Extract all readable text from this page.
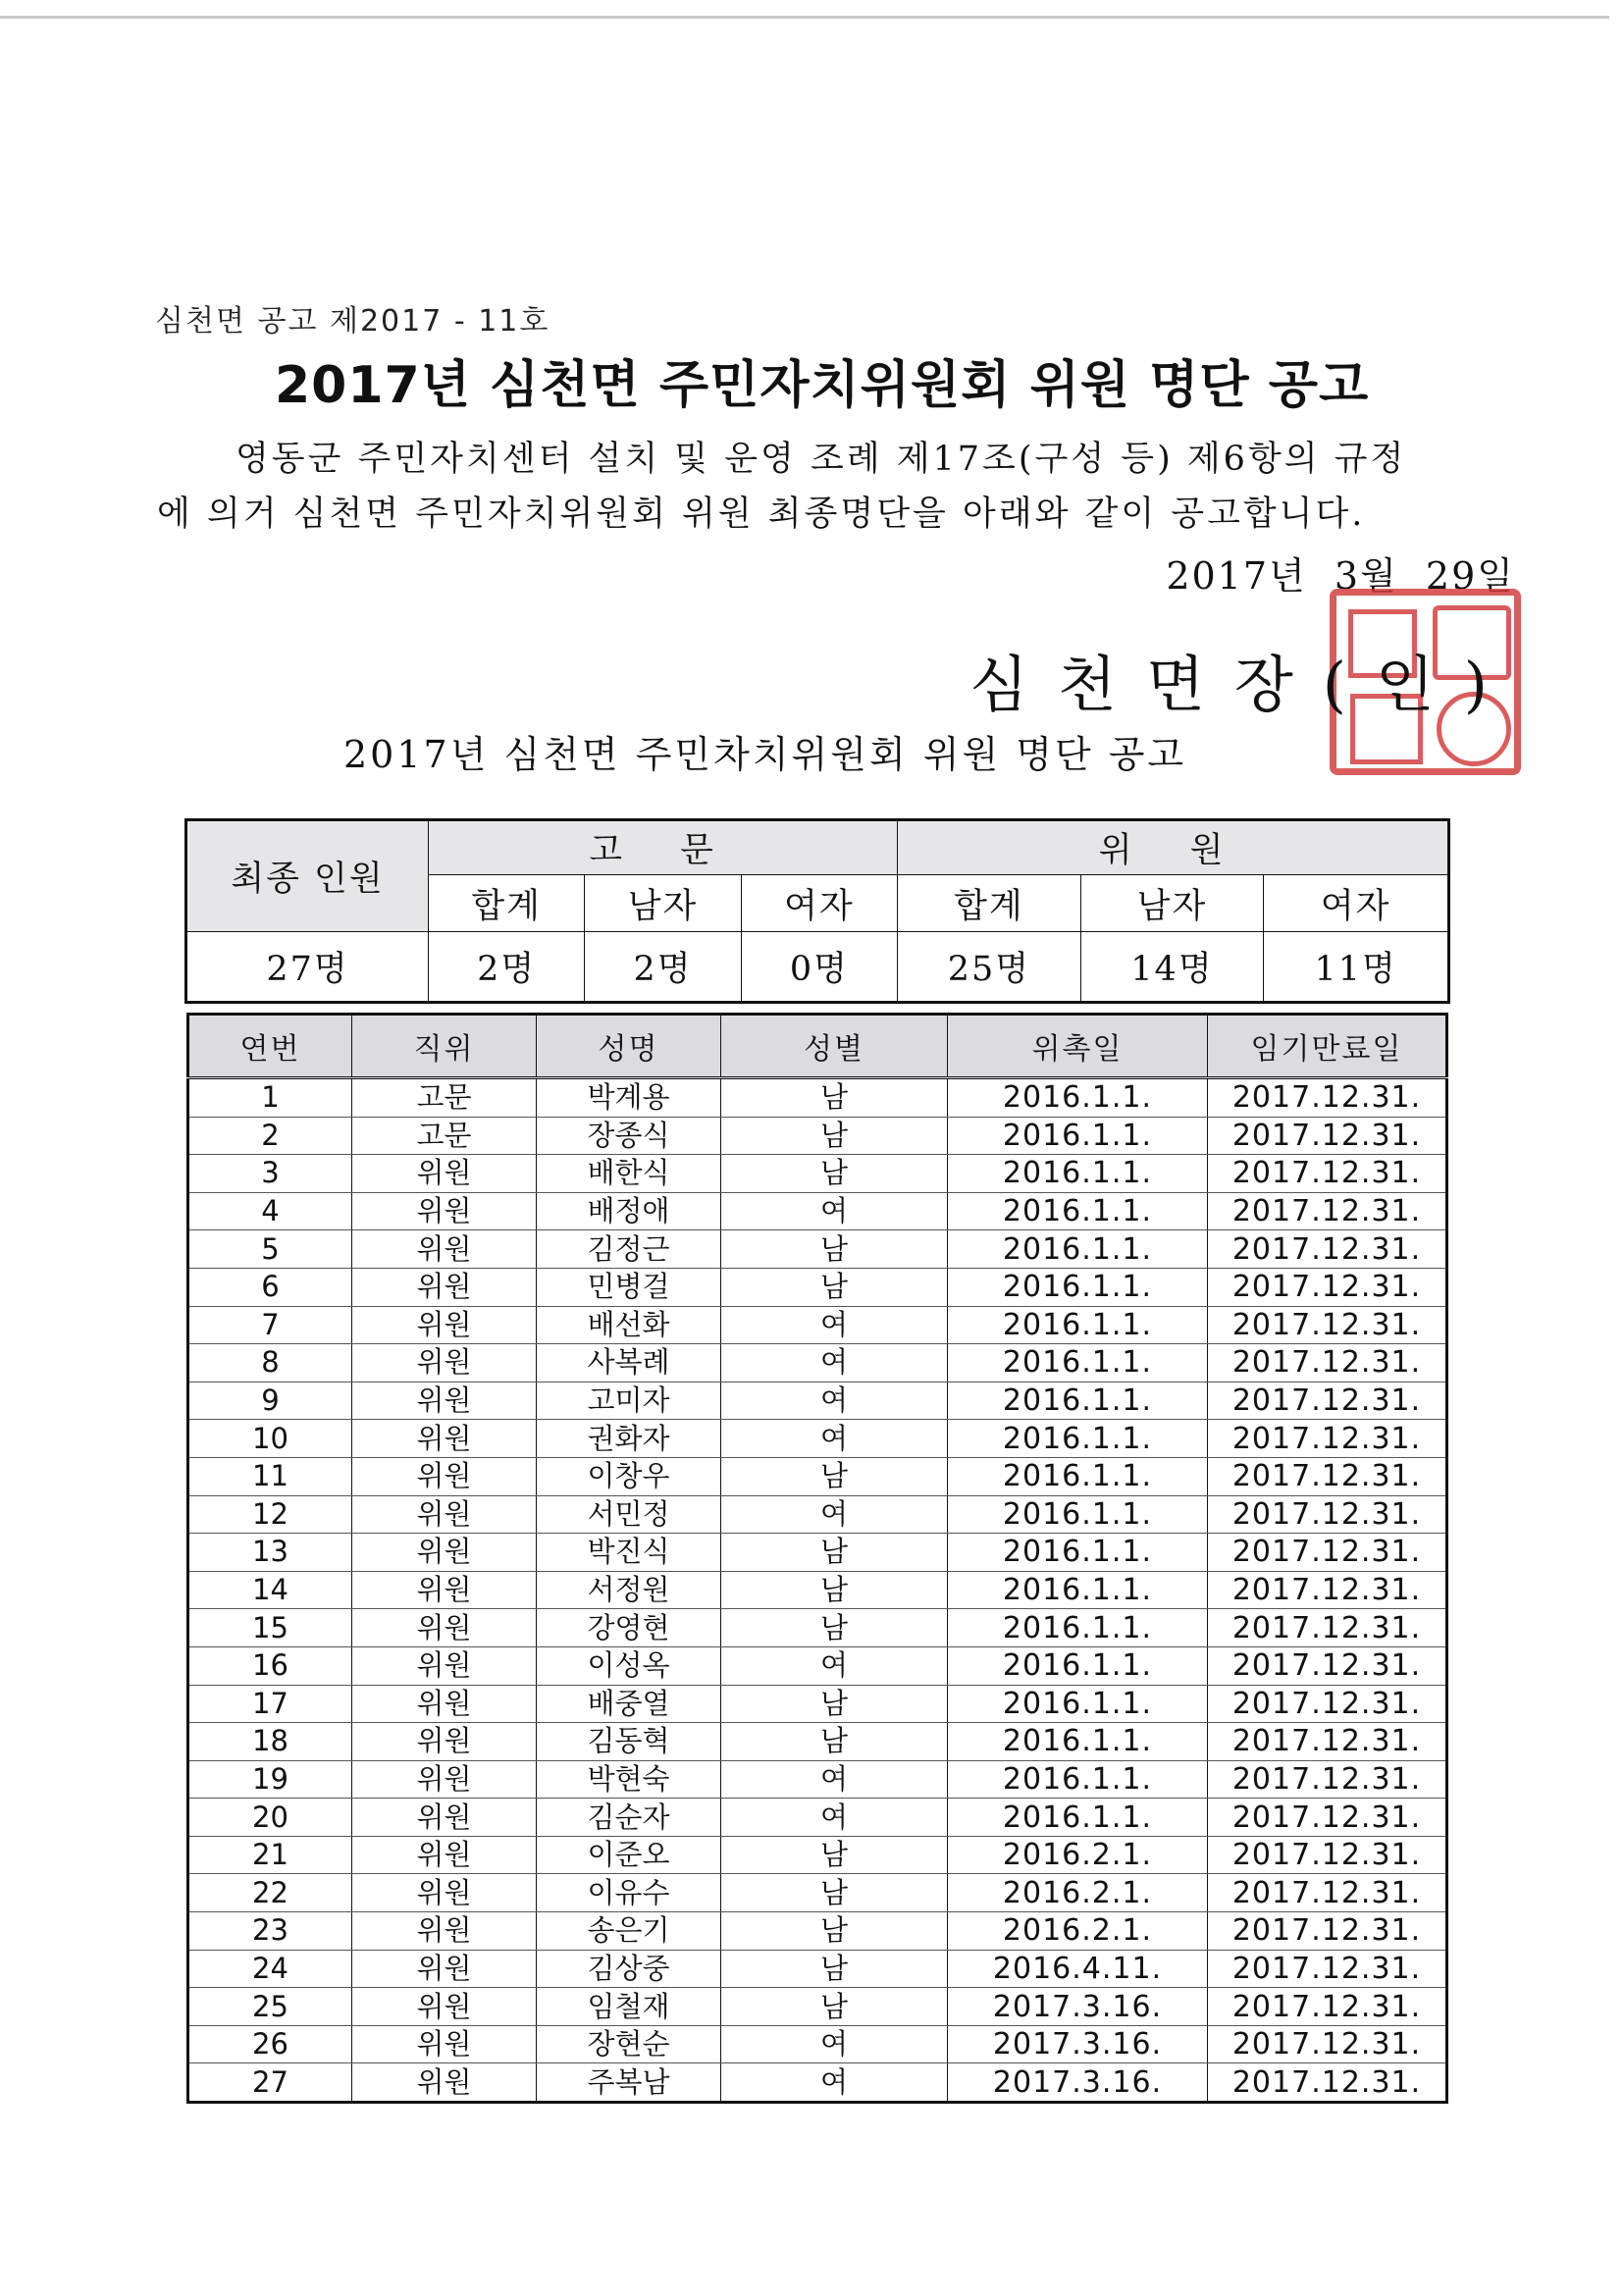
심천면 공고 제2017 - 11호
2017년 심천면 주민자치위원회 위원 명단 공고
영동군 주민자치센터 설치 및 운영 조례 제17조(구성 등) 제6항의 규정
에 의거 심천면 주민자치위원회 위원 최종명단을 아래와 같이 공고합니다.
2017년  3월  29일
심천면장(인)
2017년 심천면 주민차치위원회 위원 명단 공고
최종 인원	고 문			위 원		
	합계	남자	여자	합계	남자	여자
27명	2명	2명	0명	25명	14명	11명
연번	직위	성명	성별	위촉일	임기만료일
1	고문	박계용	남	2016.1.1.	2017.12.31.
2	고문	장종식	남	2016.1.1.	2017.12.31.
3	위원	배한식	남	2016.1.1.	2017.12.31.
4	위원	배정애	여	2016.1.1.	2017.12.31.
5	위원	김정근	남	2016.1.1.	2017.12.31.
6	위원	민병걸	남	2016.1.1.	2017.12.31.
7	위원	배선화	여	2016.1.1.	2017.12.31.
8	위원	사복례	여	2016.1.1.	2017.12.31.
9	위원	고미자	여	2016.1.1.	2017.12.31.
10	위원	권화자	여	2016.1.1.	2017.12.31.
11	위원	이창우	남	2016.1.1.	2017.12.31.
12	위원	서민정	여	2016.1.1.	2017.12.31.
13	위원	박진식	남	2016.1.1.	2017.12.31.
14	위원	서정원	남	2016.1.1.	2017.12.31.
15	위원	강영현	남	2016.1.1.	2017.12.31.
16	위원	이성옥	여	2016.1.1.	2017.12.31.
17	위원	배중열	남	2016.1.1.	2017.12.31.
18	위원	김동혁	남	2016.1.1.	2017.12.31.
19	위원	박현숙	여	2016.1.1.	2017.12.31.
20	위원	김순자	여	2016.1.1.	2017.12.31.
21	위원	이준오	남	2016.2.1.	2017.12.31.
22	위원	이유수	남	2016.2.1.	2017.12.31.
23	위원	송은기	남	2016.2.1.	2017.12.31.
24	위원	김상중	남	2016.4.11.	2017.12.31.
25	위원	임철재	남	2017.3.16.	2017.12.31.
26	위원	장현순	여	2017.3.16.	2017.12.31.
27	위원	주복남	여	2017.3.16.	2017.12.31.
